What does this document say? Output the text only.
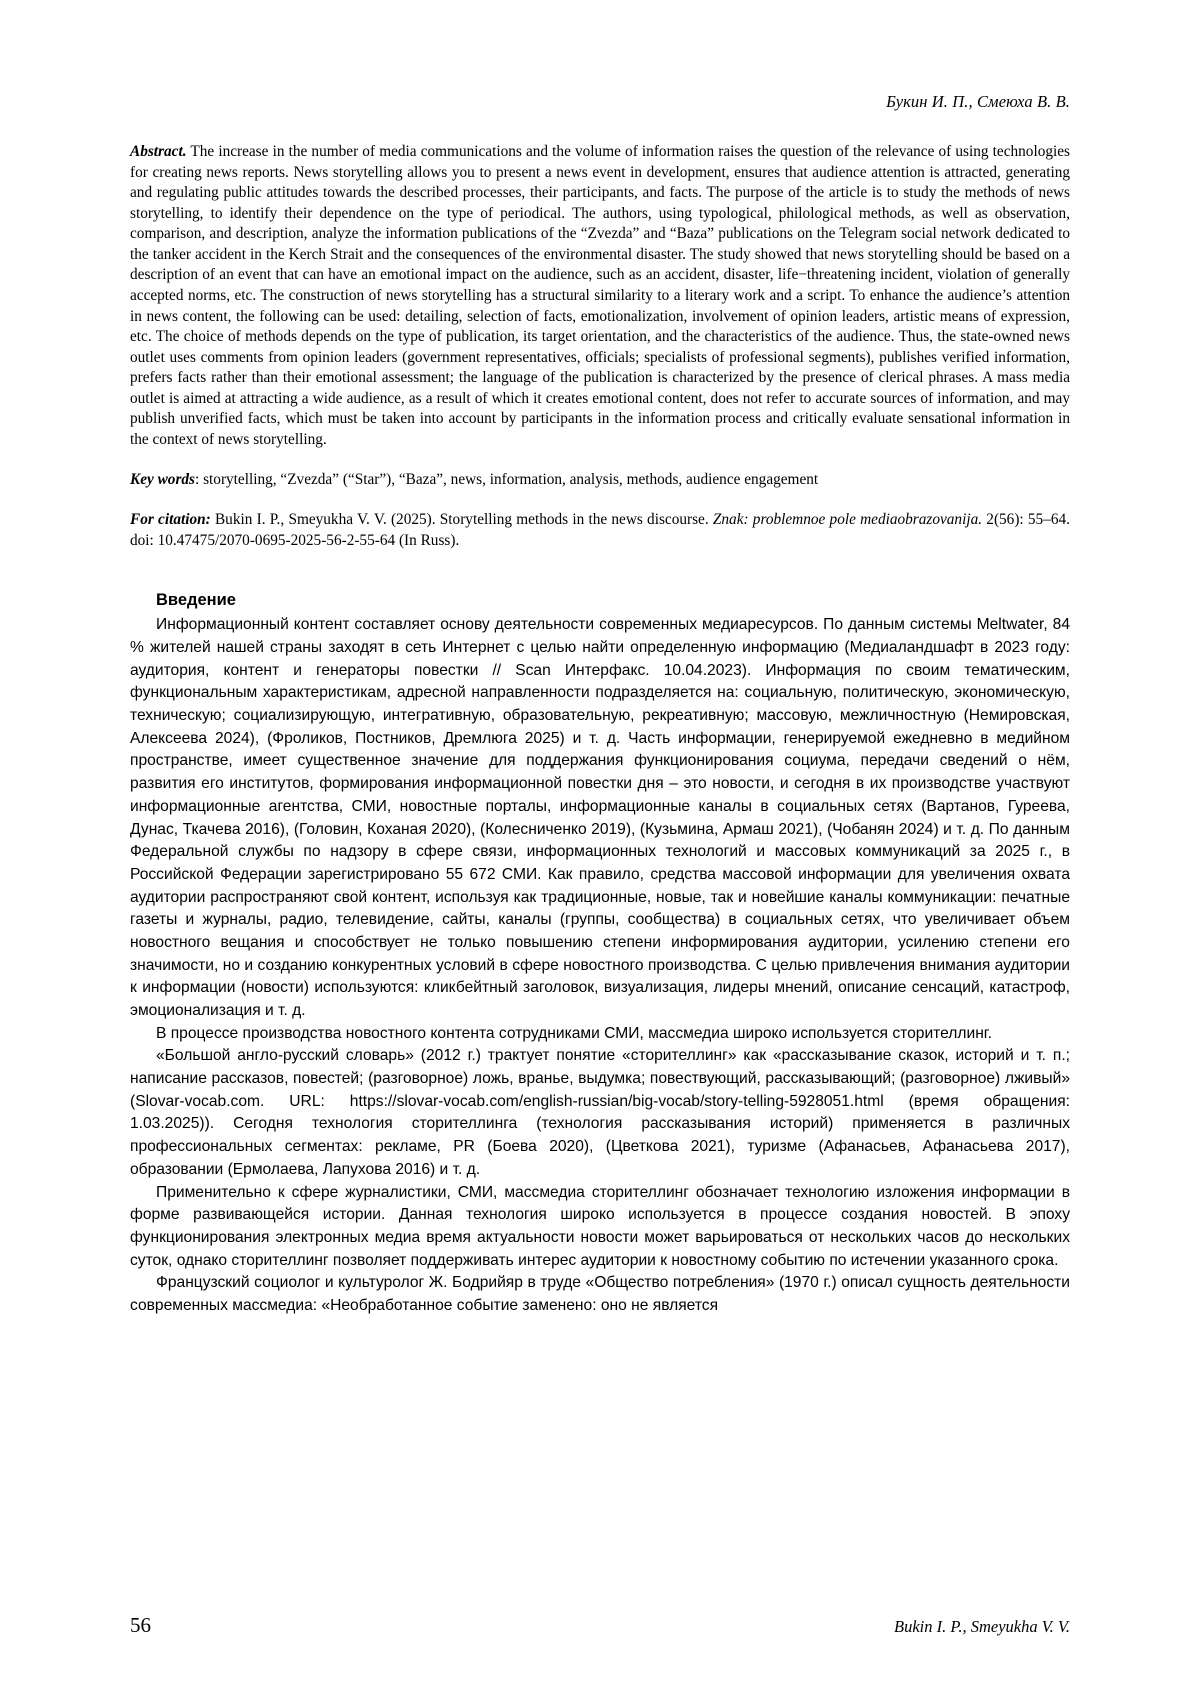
Букин И. П., Смеюха В. В.
Abstract. The increase in the number of media communications and the volume of information raises the question of the relevance of using technologies for creating news reports. News storytelling allows you to present a news event in development, ensures that audience attention is attracted, generating and regulating public attitudes towards the described processes, their participants, and facts. The purpose of the article is to study the methods of news storytelling, to identify their dependence on the type of periodical. The authors, using typological, philological methods, as well as observation, comparison, and description, analyze the information publications of the “Zvezda” and “Baza” publications on the Telegram social network dedicated to the tanker accident in the Kerch Strait and the consequences of the environmental disaster. The study showed that news storytelling should be based on a description of an event that can have an emotional impact on the audience, such as an accident, disaster, life−threatening incident, violation of generally accepted norms, etc. The construction of news storytelling has a structural similarity to a literary work and a script. To enhance the audience’s attention in news content, the following can be used: detailing, selection of facts, emotionalization, involvement of opinion leaders, artistic means of expression, etc. The choice of methods depends on the type of publication, its target orientation, and the characteristics of the audience. Thus, the state-owned news outlet uses comments from opinion leaders (government representatives, officials; specialists of professional segments), publishes verified information, prefers facts rather than their emotional assessment; the language of the publication is characterized by the presence of clerical phrases. A mass media outlet is aimed at attracting a wide audience, as a result of which it creates emotional content, does not refer to accurate sources of information, and may publish unverified facts, which must be taken into account by participants in the information process and critically evaluate sensational information in the context of news storytelling.
Key words: storytelling, “Zvezda” (“Star”), “Baza”, news, information, analysis, methods, audience engagement
For citation: Bukin I. P., Smeyukha V. V. (2025). Storytelling methods in the news discourse. Znak: problemnoe pole mediaobrazovanija. 2(56): 55–64. doi: 10.47475/2070-0695-2025-56-2-55-64 (In Russ).
Введение

Информационный контент составляет основу деятельности современных медиаресурсов. По данным системы Meltwater, 84 % жителей нашей страны заходят в сеть Интернет с целью найти определенную информацию (Медиаландшафт в 2023 году: аудитория, контент и генераторы повестки // Scan Интерфакс. 10.04.2023). Информация по своим тематическим, функциональным характеристикам, адресной направленности подразделяется на: социальную, политическую, экономическую, техническую; социализирующую, интегративную, образовательную, рекреативную; массовую, межличностную (Немировская, Алексеева 2024), (Фроликов, Постников, Дремлюга 2025) и т. д. Часть информации, генерируемой ежедневно в медийном пространстве, имеет существенное значение для поддержания функционирования социума, передачи сведений о нём, развития его институтов, формирования информационной повестки дня – это новости, и сегодня в их производстве участвуют информационные агентства, СМИ, новостные порталы, информационные каналы в социальных сетях (Вартанов, Гуреева, Дунас, Ткачева 2016), (Головин, Коханая 2020), (Колесниченко 2019), (Кузьмина, Армаш 2021), (Чобанян 2024) и т. д. По данным Федеральной службы по надзору в сфере связи, информационных технологий и массовых коммуникаций за 2025 г., в Российской Федерации зарегистрировано 55 672 СМИ. Как правило, средства массовой информации для увеличения охвата аудитории распространяют свой контент, используя как традиционные, новые, так и новейшие каналы коммуникации: печатные газеты и журналы, радио, телевидение, сайты, каналы (группы, сообщества) в социальных сетях, что увеличивает объем новостного вещания и способствует не только повышению степени информирования аудитории, усилению степени его значимости, но и созданию конкурентных условий в сфере новостного производства. С целью привлечения внимания аудитории к информации (новости) используются: кликбейтный заголовок, визуализация, лидеры мнений, описание сенсаций, катастроф, эмоционализация и т. д.

В процессе производства новостного контента сотрудниками СМИ, массмедиа широко используется сторителлинг.

«Большой англо-русский словарь» (2012 г.) трактует понятие «сторителлинг» как «рассказывание сказок, историй и т. п.; написание рассказов, повестей; (разговорное) ложь, вранье, выдумка; повествующий, рассказывающий; (разговорное) лживый» (Slovar-vocab.com. URL: https://slovar-vocab.com/english-russian/big-vocab/story-telling-5928051.html (время обращения: 1.03.2025)). Сегодня технология сторителлинга (технология рассказывания историй) применяется в различных профессиональных сегментах: рекламе, PR (Боева 2020), (Цветкова 2021), туризме (Афанасьев, Афанасьева 2017), образовании (Ермолаева, Лапухова 2016) и т. д.

Применительно к сфере журналистики, СМИ, массмедиа сторителлинг обозначает технологию изложения информации в форме развивающейся истории. Данная технология широко используется в процессе создания новостей. В эпоху функционирования электронных медиа время актуальности новости может варьироваться от нескольких часов до нескольких суток, однако сторителлинг позволяет поддерживать интерес аудитории к новостному событию по истечении указанного срока.

Французский социолог и культуролог Ж. Бодрийяр в труде «Общество потребления» (1970 г.) описал сущность деятельности современных массмедиа: «Необработанное событие заменено: оно не является

56	Bukin I. P., Smeyukha V. V.
